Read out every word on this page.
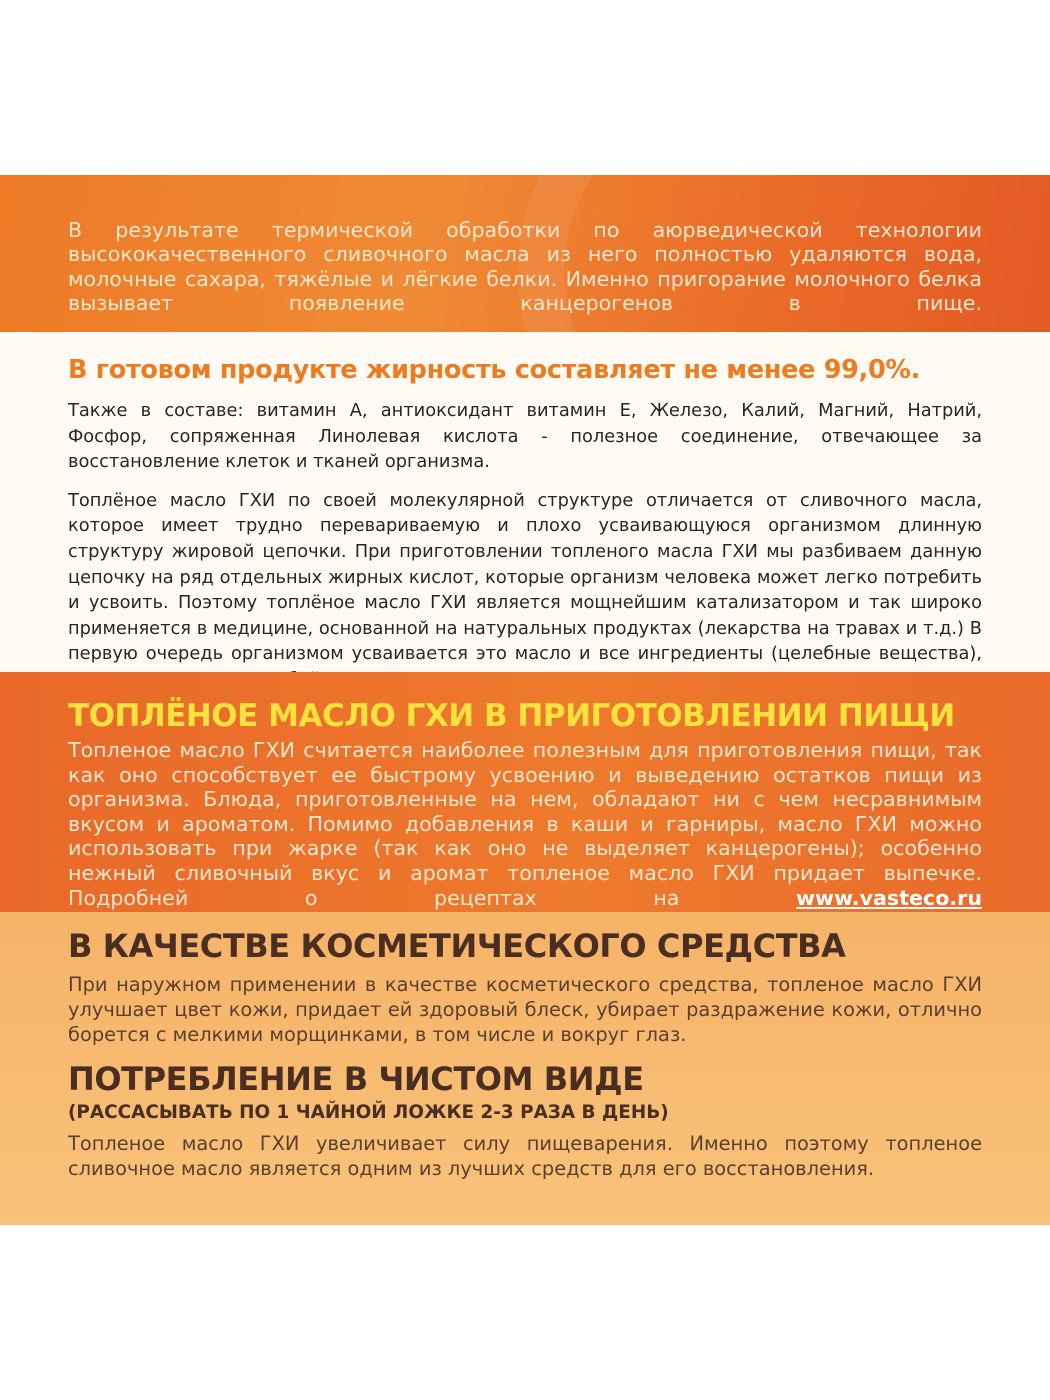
В результате термической обработки по аюрведической технологии высококачественного сливочного масла из него полностью удаляются вода, молочные сахара, тяжёлые и лёгкие белки. Именно пригорание молочного белка вызывает появление канцерогенов в пище.

В готовом продукте жирность составляет не менее 99,0%.

Также в составе: витамин А, антиоксидант витамин Е, Железо, Калий, Магний, Натрий, Фосфор, сопряженная Линолевая кислота - полезное соединение, отвечающее за восстановление клеток и тканей организма.

Топлёное масло ГХИ по своей молекулярной структуре отличается от сливочного масла, которое имеет трудно перевариваемую и плохо усваивающуюся организмом длинную структуру жировой цепочки. При приготовлении топленого масла ГХИ мы разбиваем данную цепочку на ряд отдельных жирных кислот, которые организм человека может легко потребить и усвоить. Поэтому топлёное масло ГХИ является мощнейшим катализатором и так широко применяется в медицине, основанной на натуральных продуктах (лекарства на травах и т.д.) В первую очередь организмом усваивается это масло и все ингредиенты (целебные вещества),

ТОПЛЁНОЕ МАСЛО ГХИ В ПРИГОТОВЛЕНИИ ПИЩИ

Топленое масло ГХИ считается наиболее полезным для приготовления пищи, так как оно способствует ее быстрому усвоению и выведению остатков пищи из организма. Блюда, приготовленные на нем, обладают ни с чем несравнимым вкусом и ароматом. Помимо добавления в каши и гарниры, масло ГХИ можно использовать при жарке (так как оно не выделяет канцерогены); особенно нежный сливочный вкус и аромат топленое масло ГХИ придает выпечке. Подробней о рецептах на www.vasteco.ru

В КАЧЕСТВЕ КОСМЕТИЧЕСКОГО СРЕДСТВА

При наружном применении в качестве косметического средства, топленое масло ГХИ улучшает цвет кожи, придает ей здоровый блеск, убирает раздражение кожи, отлично борется с мелкими морщинками, в том числе и вокруг глаз.

ПОТРЕБЛЕНИЕ В ЧИСТОМ ВИДЕ
(РАССАСЫВАТЬ ПО 1 ЧАЙНОЙ ЛОЖКЕ 2-3 РАЗА В ДЕНЬ)

Топленое масло ГХИ увеличивает силу пищеварения. Именно поэтому топленое сливочное масло является одним из лучших средств для его восстановления.
